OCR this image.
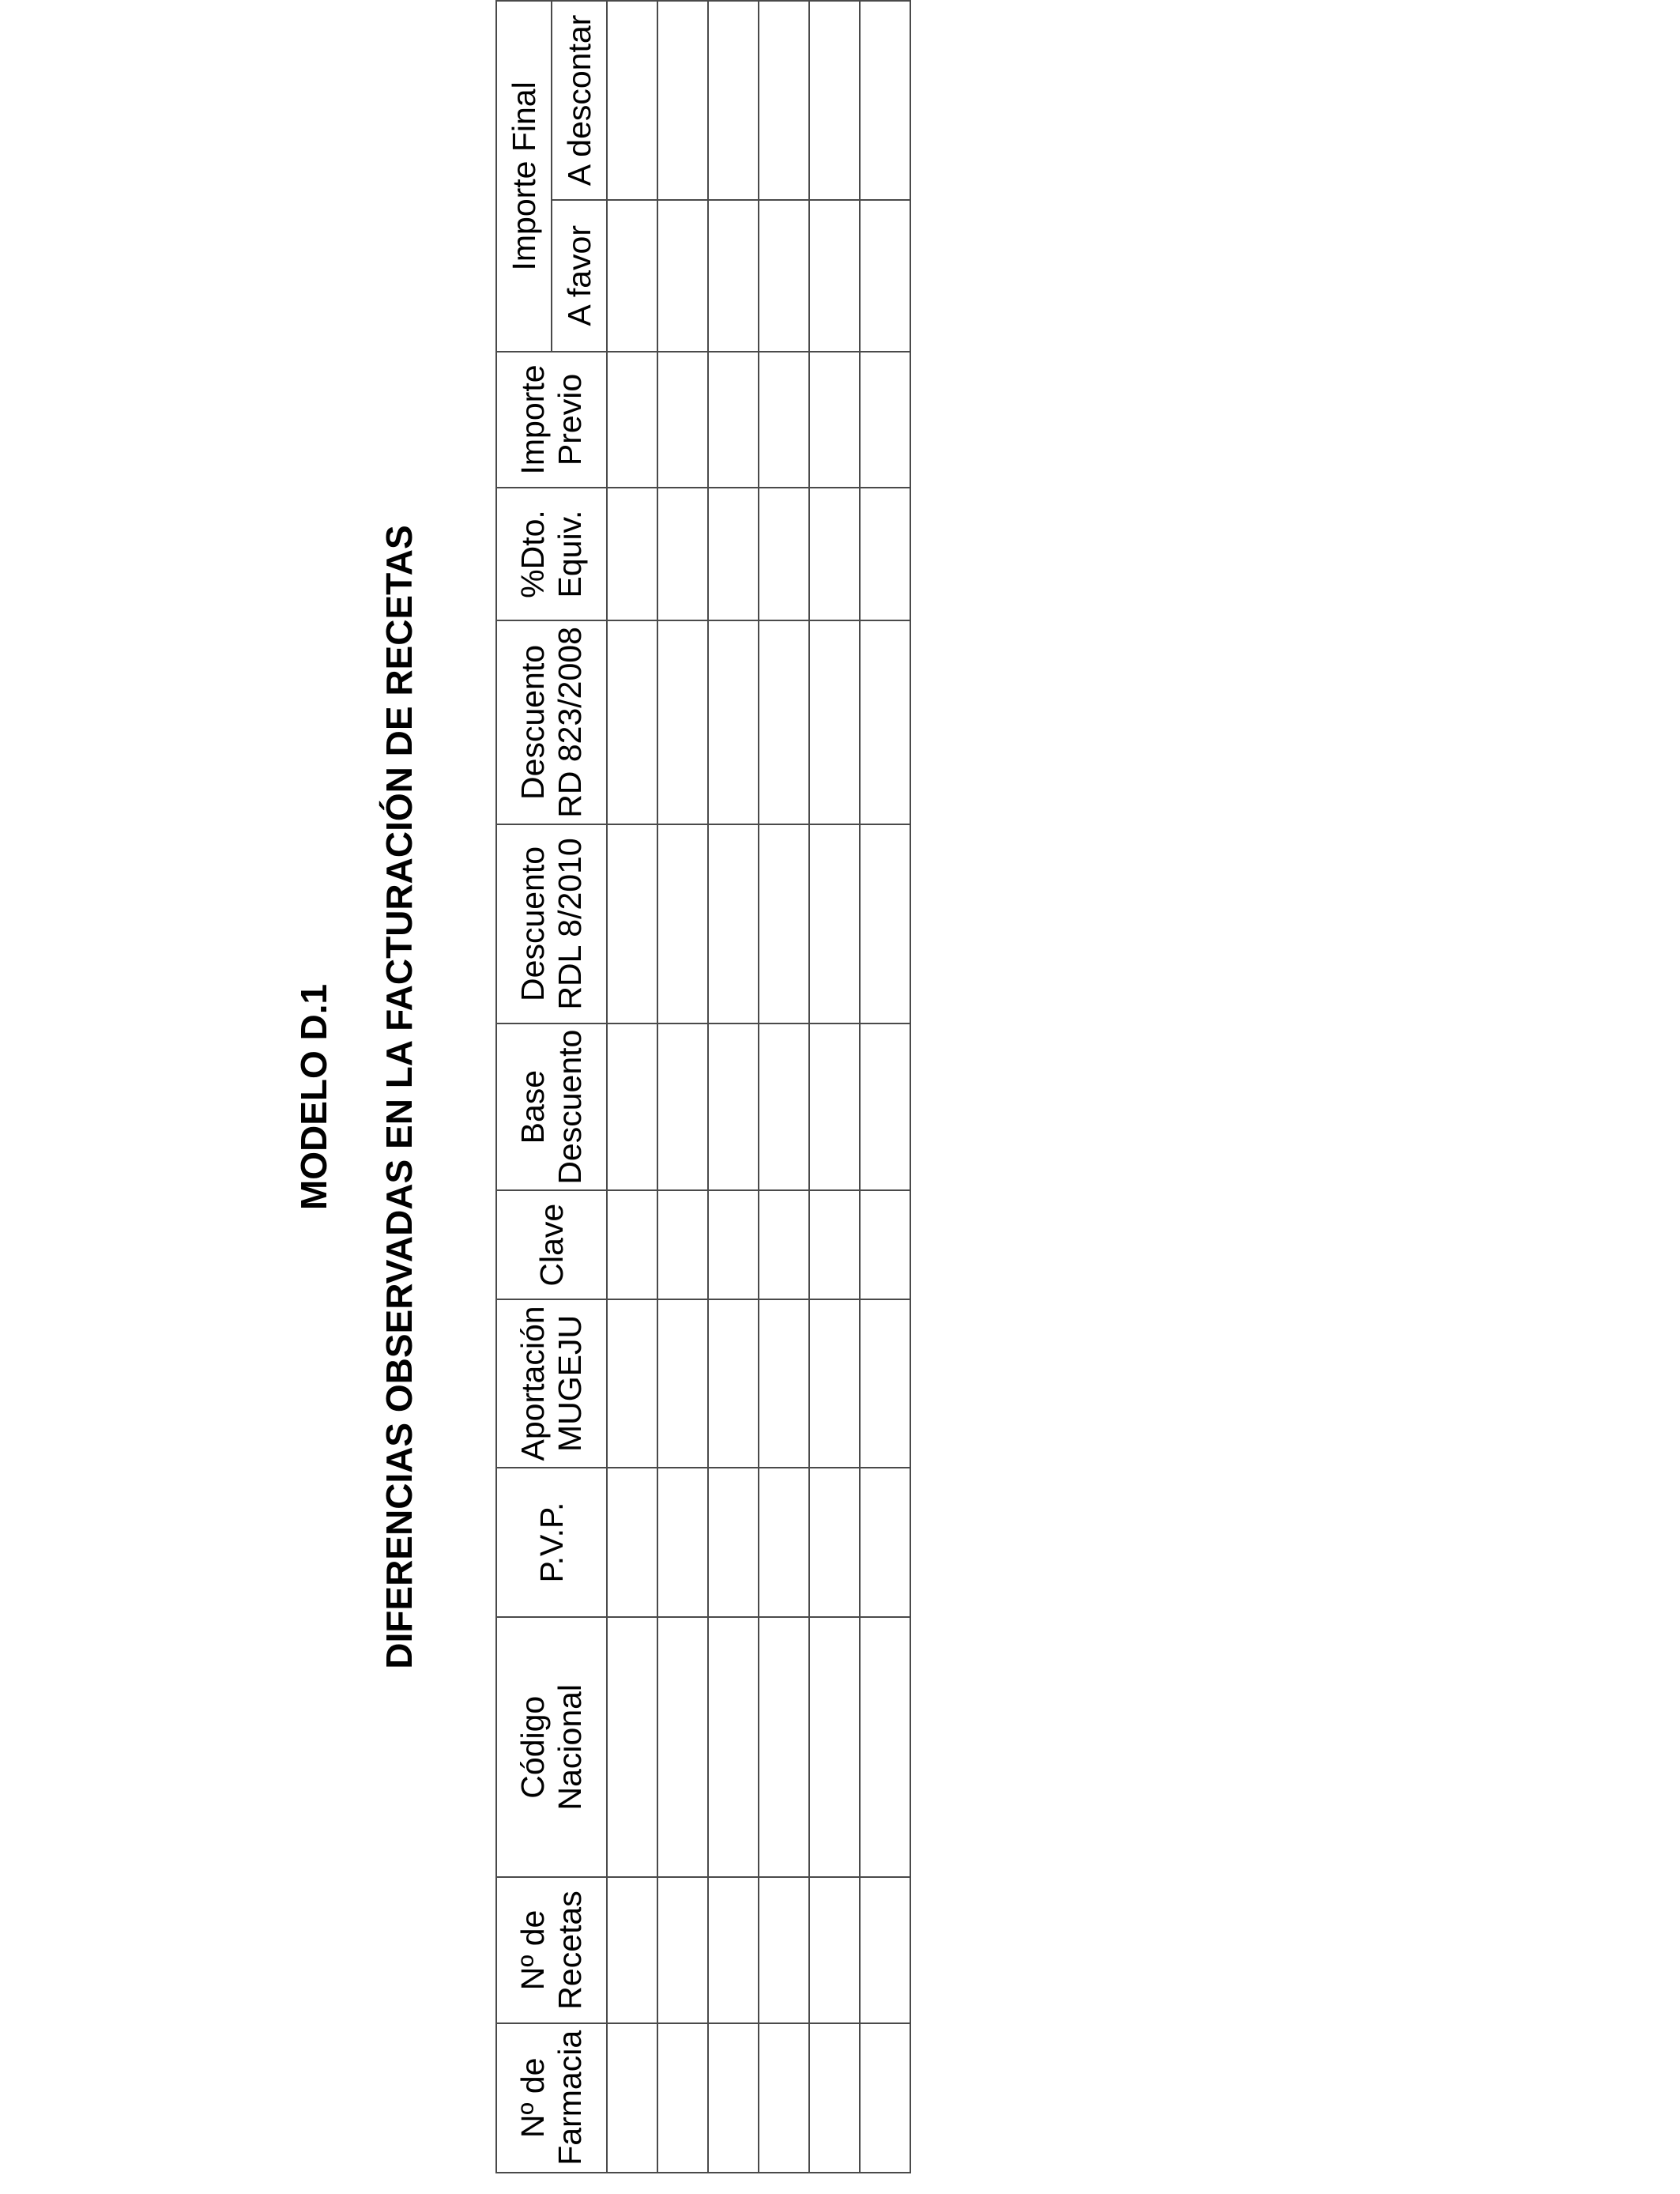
MODELO D.1 DIFERENCIAS OBSERVADAS EN LA FACTURACIÓN DE RECETAS
Nº de Farmacia	Nº de Recetas	Código Nacional	P.V.P.	Aportación MUGEJU	Clave	Base Descuento	Descuento RDL 8/2010	Descuento RD 823/2008	%Dto. Equiv.	Importe Previo	Importe Final	
											A favor	A descontar
